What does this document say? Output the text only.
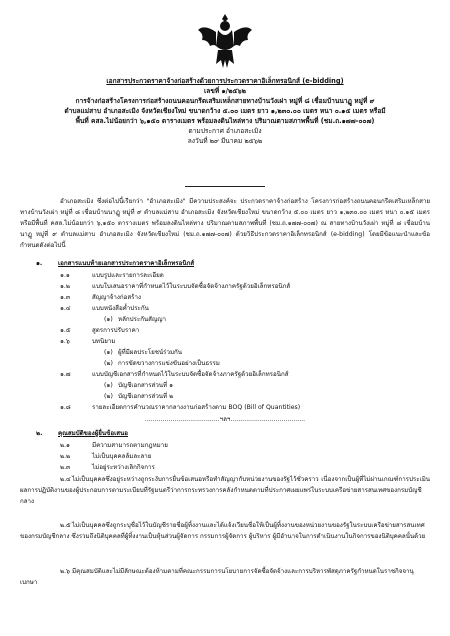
เอกสารประกวดราคาจ้างก่อสร้างด้วยการประกวดราคาอิเล็กทรอนิกส์ (e-bidding)
เลขที่ ๑/๒๕๖๒
การจ้างก่อสร้างโครงการก่อสร้างถนนคอนกรีตเสริมเหล็กสายทางบ้านวังเผ่า หมู่ที่ ๘ เชื่อมบ้านนาฏู หมู่ที่ ๙
ตำบลแม่สาบ อำเภอสะเมิง จังหวัดเชียงใหม่ ขนาดกว้าง ๕.๐๐ เมตร ยาว ๑,๒๓๐.๐๐ เมตร หนา ๐.๑๕ เมตร หรือมี
พื้นที่ คสล.ไม่น้อยกว่า ๖,๑๕๐ ตารางเมตร พร้อมลงดินไหล่ทาง ปริมาณตามสภาพพื้นที่ (ชม.ถ.๑๗๗-๐๐๗)
ตามประกาศ อำเภอสะเมิง
ลงวันที่ ๒๙ มีนาคม ๒๕๖๒
อำเภอสะเมิง ซึ่งต่อไปนี้เรียกว่า "อำเภอสะเมิง" มีความประสงค์จะ ประกวดราคาจ้างก่อสร้าง โครงการก่อสร้างถนนคอนกรีตเสริมเหล็กสายทางบ้านวังเผ่า หมู่ที่ ๘ เชื่อมบ้านนาฏู หมู่ที่ ๙ ตำบลแม่สาบ อำเภอสะเมิง จังหวัดเชียงใหม่ ขนาดกว้าง ๕.๐๐ เมตร ยาว ๑,๒๓๐.๐๐ เมตร หนา ๐.๑๕ เมตร หรือมีพื้นที่ คสล.ไม่น้อยกว่า ๖,๑๕๐ ตารางเมตร พร้อมลงดินไหล่ทาง ปริมาณตามสภาพพื้นที่ (ชม.ถ.๑๗๗-๐๐๗) ณ สายทางบ้านวังเผ่า หมู่ที่ ๘ เชื่อมบ้านนาฏู หมู่ที่ ๙ ตำบลแม่สาบ อำเภอสะเมิง จังหวัดเชียงใหม่ (ชม.ถ.๑๗๗-๐๐๗) ด้วยวิธีประกวดราคาอิเล็กทรอนิกส์ (e-bidding) โดยมีข้อแนะนำและข้อกำหนดดังต่อไปนี้
๑.	เอกสารแนบท้ายเอกสารประกวดราคาอิเล็กทรอนิกส์
๑.๑	แบบรูปและรายการละเอียด
๑.๒	แบบใบเสนอราคาที่กำหนดไว้ในระบบจัดซื้อจัดจ้างภาครัฐด้วยอิเล็กทรอนิกส์
๑.๓	สัญญาจ้างก่อสร้าง
๑.๔	แบบหนังสือค้ำประกัน
(๑) หลักประกันสัญญา
๑.๕	สูตรการปรับราคา
๑.๖	บทนิยาม
(๑) ผู้ที่มีผลประโยชน์ร่วมกัน
(๒) การขัดขวางการแข่งขันอย่างเป็นธรรม
๑.๗	แบบบัญชีเอกสารที่กำหนดไว้ในระบบจัดซื้อจัดจ้างภาครัฐด้วยอิเล็กทรอนิกส์
(๑) บัญชีเอกสารส่วนที่ ๑
(๒) บัญชีเอกสารส่วนที่ ๒
๑.๘	รายละเอียดการคำนวณราคากลางงานก่อสร้างตาม BOQ (Bill of Quantities)
......................................ฯลฯ......................................
๒.	คุณสมบัติของผู้ยื่นข้อเสนอ
๒.๑	มีความสามารถตามกฎหมาย
๒.๒	ไม่เป็นบุคคลล้มละลาย
๒.๓	ไม่อยู่ระหว่างเลิกกิจการ
๒.๔ ไม่เป็นบุคคลซึ่งอยู่ระหว่างถูกระงับการยื่นข้อเสนอหรือทำสัญญากับหน่วยงานของรัฐไว้ชั่วคราว เนื่องจากเป็นผู้ที่ไม่ผ่านเกณฑ์การประเมินผลการปฏิบัติงานของผู้ประกอบการตามระเบียบที่รัฐมนตรีว่าการกระทรวงการคลังกำหนดตามที่ประกาศเผยแพร่ในระบบเครือข่ายสารสนเทศของกรมบัญชีกลาง
๒.๕ ไม่เป็นบุคคลซึ่งถูกระบุชื่อไว้ในบัญชีรายชื่อผู้ทิ้งงานและได้แจ้งเวียนชื่อให้เป็นผู้ทิ้งงานของหน่วยงานของรัฐในระบบเครือข่ายสารสนเทศของกรมบัญชีกลาง ซึ่งรวมถึงนิติบุคคลที่ผู้ทิ้งงานเป็นหุ้นส่วนผู้จัดการ กรรมการผู้จัดการ ผู้บริหาร ผู้มีอำนาจในการดำเนินงานในกิจการของนิติบุคคลนั้นด้วย
๒.๖ มีคุณสมบัติและไม่มีลักษณะต้องห้ามตามที่คณะกรรมการนโยบายการจัดซื้อจัดจ้างและการบริหารพัสดุภาครัฐกำหนดในราชกิจจานุเบกษา
